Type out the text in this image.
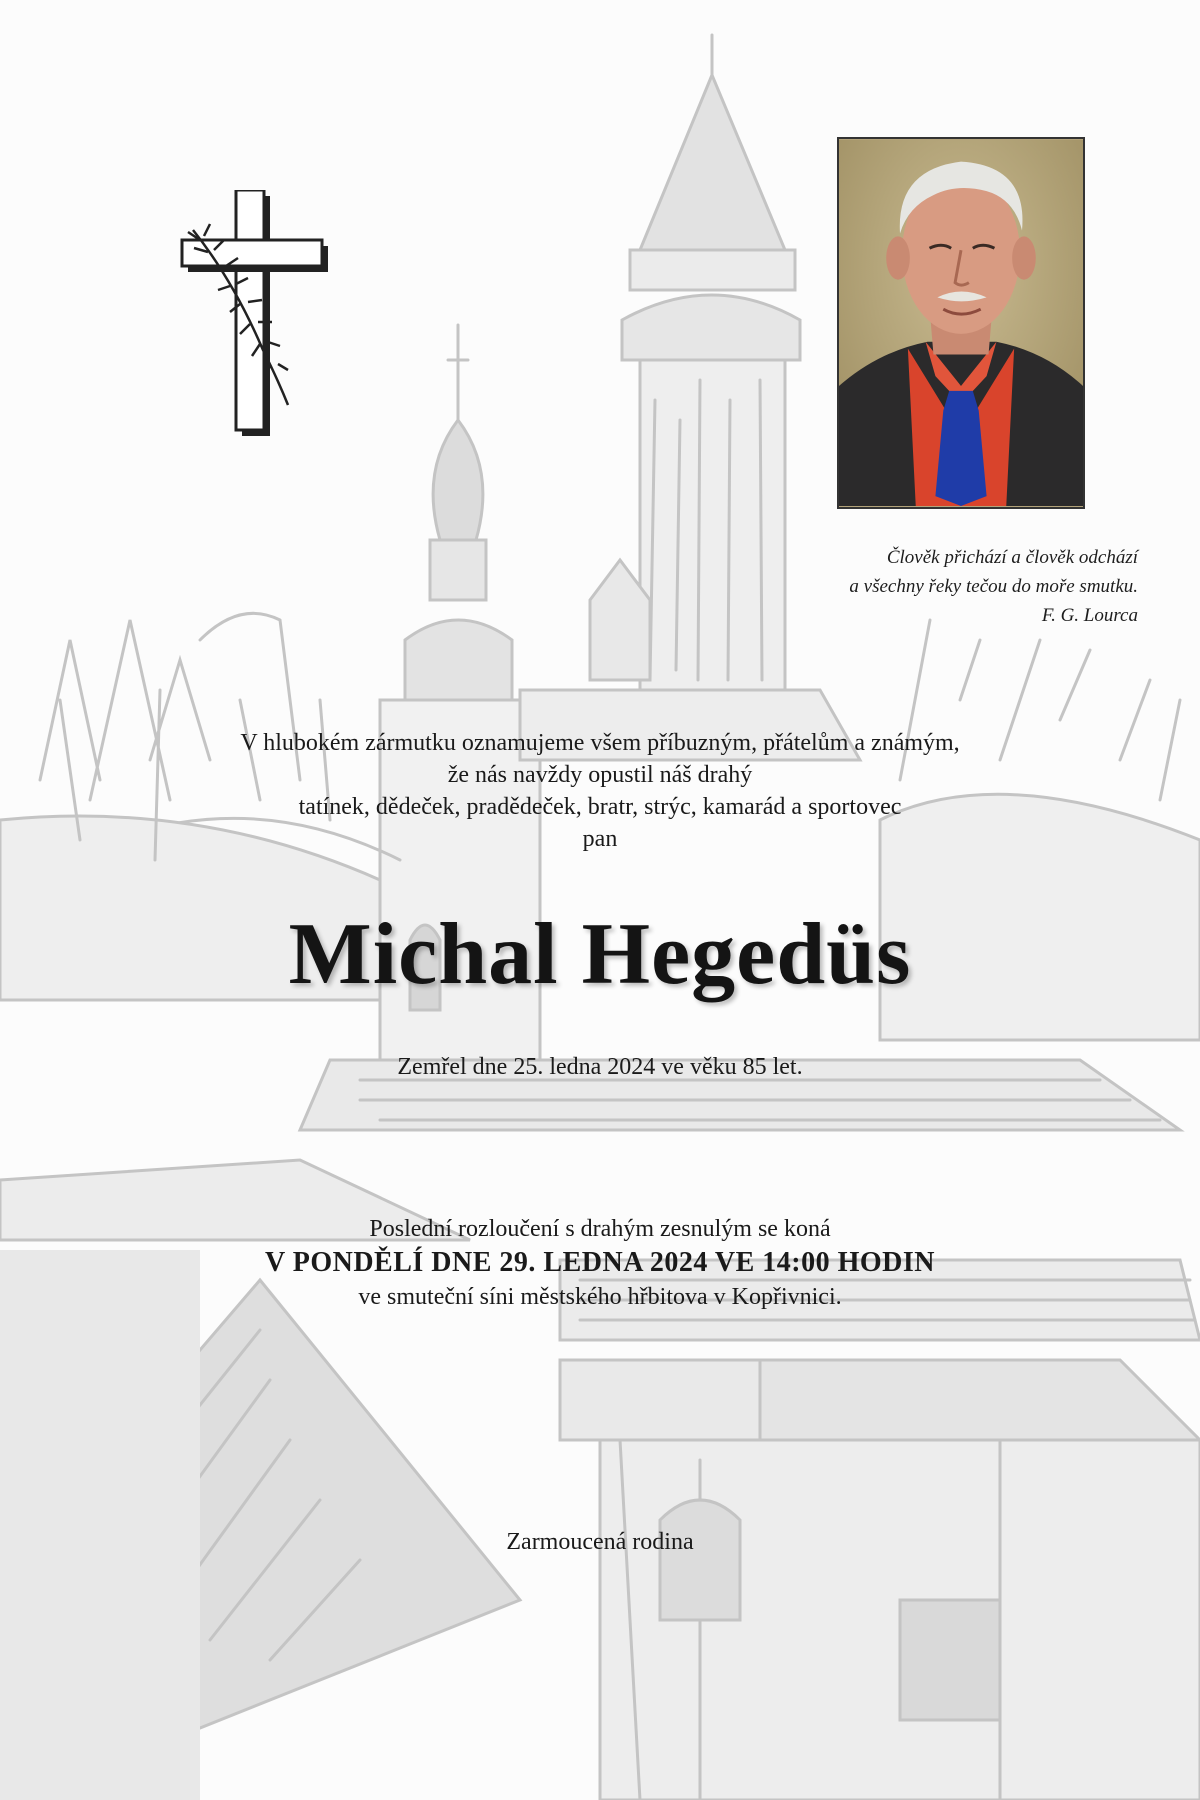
Člověk přichází a člověk odchází
a všechny řeky tečou do moře smutku.
F. G. Lourca
V hlubokém zármutku oznamujeme všem příbuzným, přátelům a známým,
že nás navždy opustil náš drahý
tatínek, dědeček, pradědeček, bratr, strýc, kamarád a sportovec
pan
Michal Hegedüs
Zemřel dne 25. ledna 2024 ve věku 85 let.
Poslední rozloučení s drahým zesnulým se koná
V PONDĚLÍ DNE 29. LEDNA 2024 VE 14:00 HODIN
ve smuteční síni městského hřbitova v Kopřivnici.
Zarmoucená rodina
